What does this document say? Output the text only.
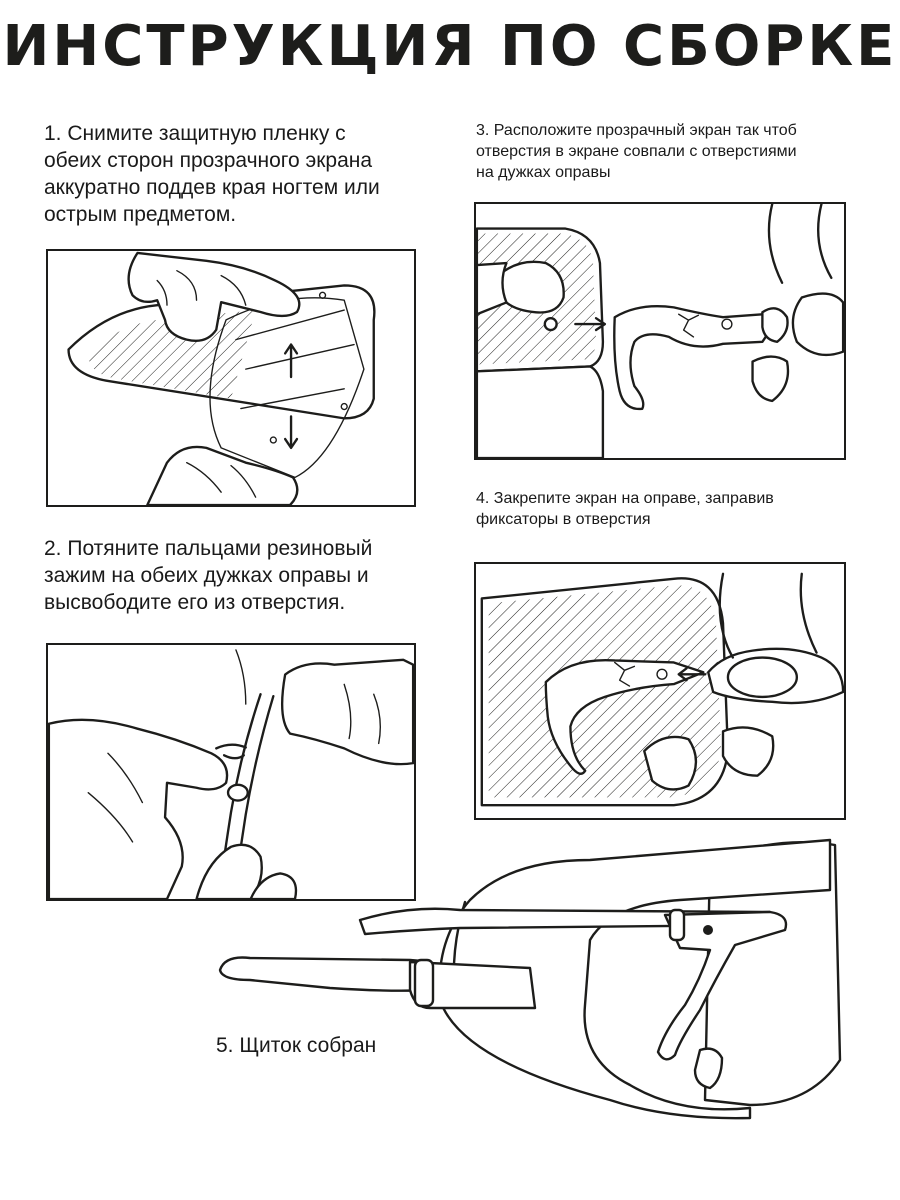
ИНСТРУКЦИЯ ПО СБОРКЕ
1. Снимите защитную пленку с
обеих сторон прозрачного экрана
аккуратно поддев края ногтем или
острым предметом.
2. Потяните пальцами резиновый
зажим на обеих дужках оправы и
высвободите его из отверстия.
3. Расположите прозрачный экран так чтоб
отверстия в экране совпали с отверстиями
на дужках оправы
4. Закрепите экран на оправе, заправив
фиксаторы в отверстия
5. Щиток собран
